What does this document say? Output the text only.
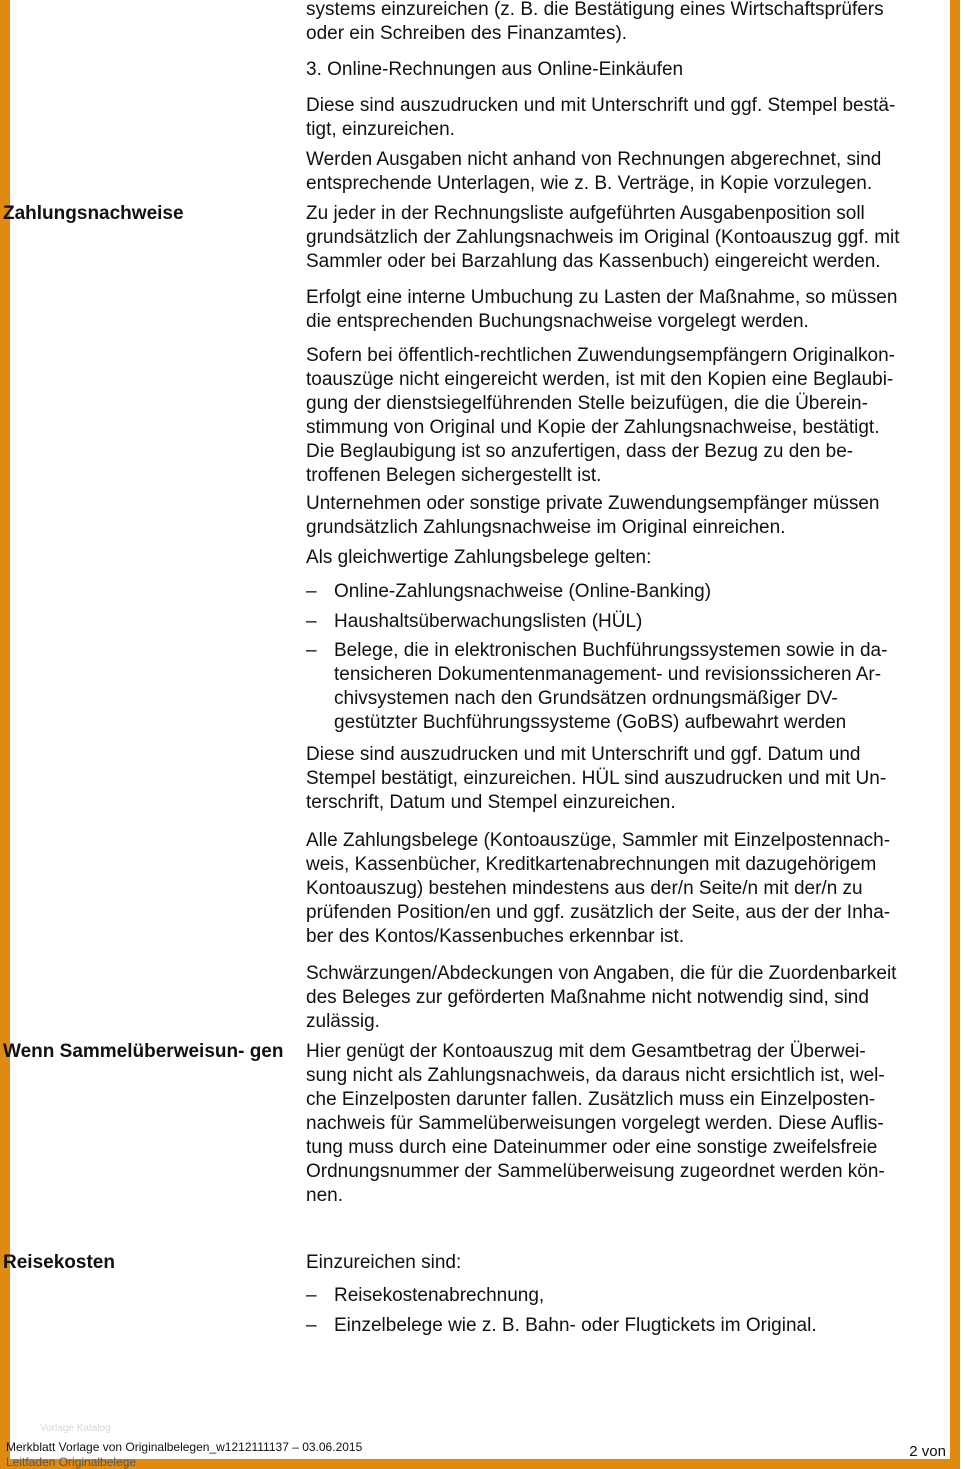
systems einzureichen (z. B. die Bestätigung eines Wirtschaftsprüfers
oder ein Schreiben des Finanzamtes).

3. Online-Rechnungen aus Online-Einkäufen

Diese sind auszudrucken und mit Unterschrift und ggf. Stempel bestä-
tigt, einzureichen.

Werden Ausgaben nicht anhand von Rechnungen abgerechnet, sind
entsprechende Unterlagen, wie z. B. Verträge, in Kopie vorzulegen.

Zahlungsnachweise	Zu jeder in der Rechnungsliste aufgeführten Ausgabenposition soll
grundsätzlich der Zahlungsnachweis im Original (Kontoauszug ggf. mit
Sammler oder bei Barzahlung das Kassenbuch) eingereicht werden.

Erfolgt eine interne Umbuchung zu Lasten der Maßnahme, so müssen
die entsprechenden Buchungsnachweise vorgelegt werden.

Sofern bei öffentlich-rechtlichen Zuwendungsempfängern Originalkon-
toauszüge nicht eingereicht werden, ist mit den Kopien eine Beglaubi-
gung der dienstsiegelführenden Stelle beizufügen, die die Überein-
stimmung von Original und Kopie der Zahlungsnachweise, bestätigt.
Die Beglaubigung ist so anzufertigen, dass der Bezug zu den be-
troffenen Belegen sichergestellt ist.

Unternehmen oder sonstige private Zuwendungsempfänger müssen
grundsätzlich Zahlungsnachweise im Original einreichen.

Als gleichwertige Zahlungsbelege gelten:

– Online-Zahlungsnachweise (Online-Banking)
– Haushaltsüberwachungslisten (HÜL)
– Belege, die in elektronischen Buchführungssystemen sowie in da-
tensicheren Dokumentenmanagement- und revisionssicheren Ar-
chivsystemen nach den Grundsätzen ordnungsmäßiger DV-
gestützter Buchführungssysteme (GoBS) aufbewahrt werden

Diese sind auszudrucken und mit Unterschrift und ggf. Datum und
Stempel bestätigt, einzureichen. HÜL sind auszudrucken und mit Un-
terschrift, Datum und Stempel einzureichen.

Alle Zahlungsbelege (Kontoauszüge, Sammler mit Einzelpostennach-
weis, Kassenbücher, Kreditkartenabrechnungen mit dazugehörigem
Kontoauszug) bestehen mindestens aus der/n Seite/n mit der/n zu
prüfenden Position/en und ggf. zusätzlich der Seite, aus der der Inha-
ber des Kontos/Kassenbuches erkennbar ist.

Schwärzungen/Abdeckungen von Angaben, die für die Zuordenbarkeit
des Beleges zur geförderten Maßnahme nicht notwendig sind, sind
zulässig.

Wenn Sammelüberweisun- gen	Hier genügt der Kontoauszug mit dem Gesamtbetrag der Überwei-
sung nicht als Zahlungsnachweis, da daraus nicht ersichtlich ist, wel-
che Einzelposten darunter fallen. Zusätzlich muss ein Einzelposten-
nachweis für Sammelüberweisungen vorgelegt werden. Diese Auflis-
tung muss durch eine Dateinummer oder eine sonstige zweifelsfreie
Ordnungsnummer der Sammelüberweisung zugeordnet werden kön-
nen.

Reisekosten	Einzureichen sind:

– Reisekostenabrechnung,
– Einzelbelege wie z. B. Bahn- oder Flugtickets im Original.
Vorlage Katalog
Merkblatt Vorlage von Originalbelegen_w1212111137 – 03.06.2015
Leitfaden Originalbelege
2 von
